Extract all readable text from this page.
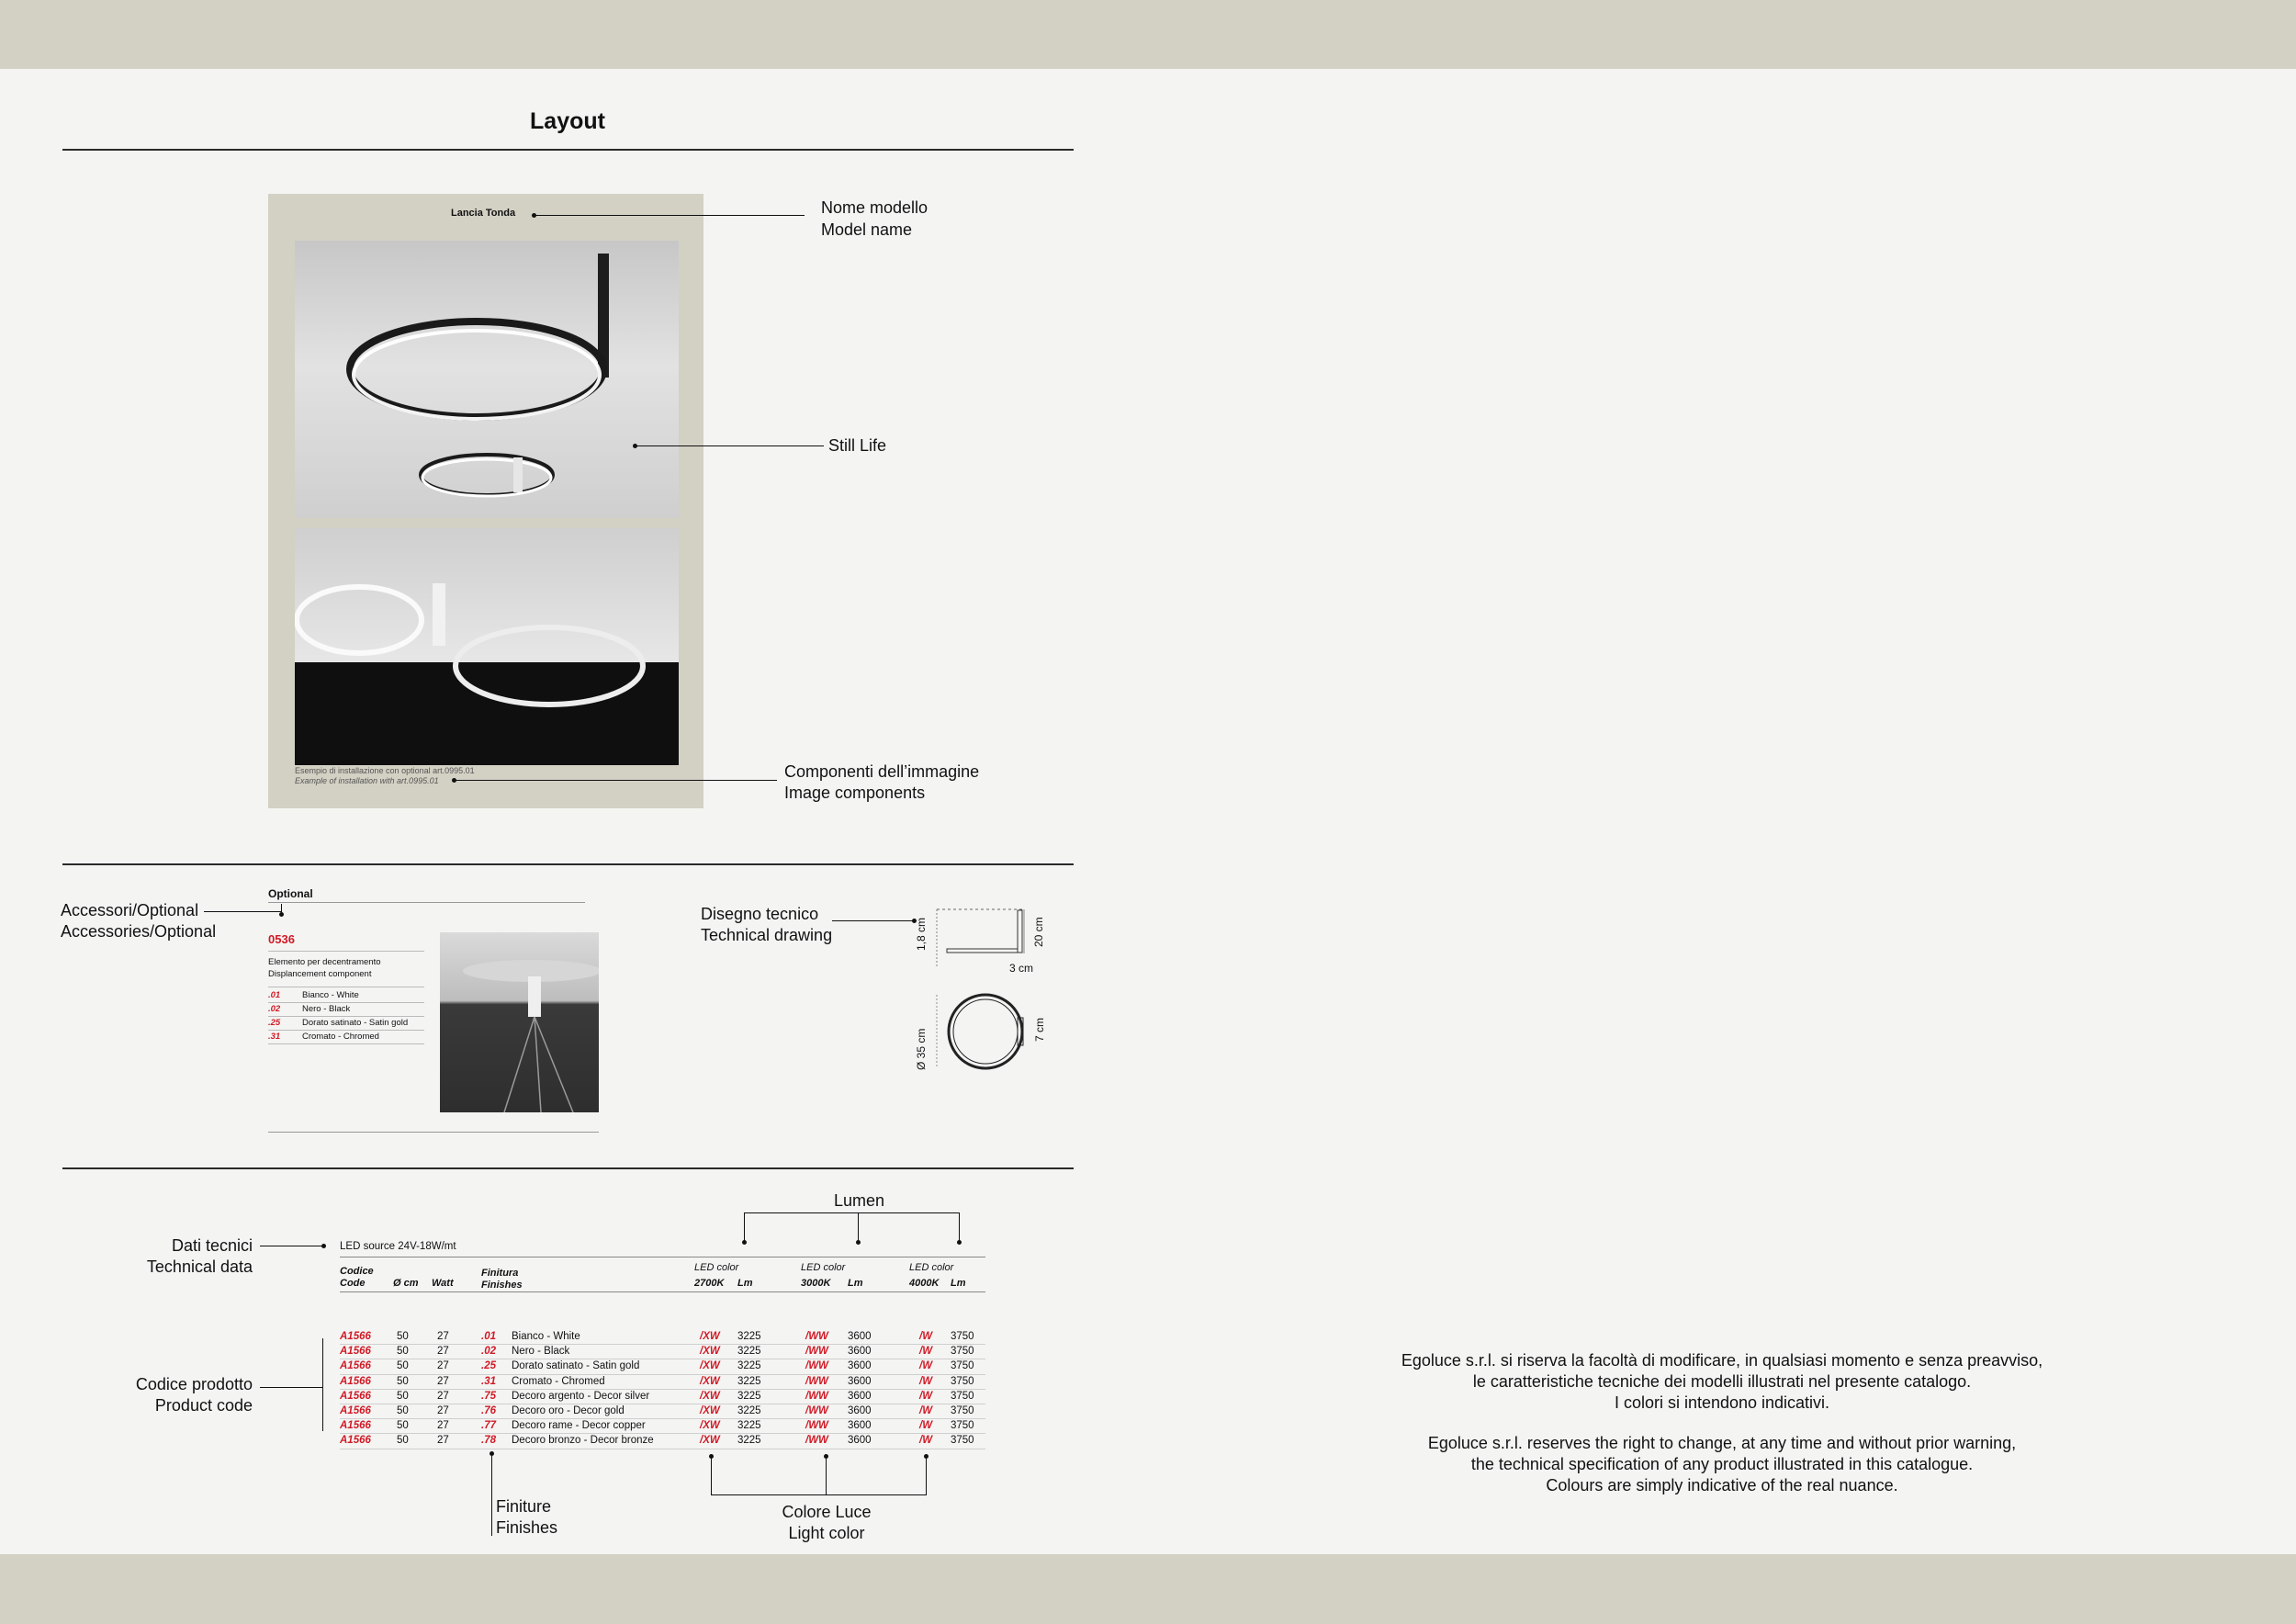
Layout
Lancia Tonda
Esempio di installazione con optional art.0995.01
Example of installation with art.0995.01
Nome modello
Model name
Still Life
Componenti dell’immagine
Image components
Accessori/Optional
Accessories/Optional
Optional
0536
Elemento per decentramento
Displancement component
.01	Bianco - White
.02	Nero - Black
.25	Dorato satinato - Satin gold
.31	Cromato - Chromed
Disegno tecnico
Technical drawing	1,8 cm	20 cm
3 cm
Ø 35 cm	7 cm
Lumen
Dati tecnici
Technical data
LED source 24V-18W/mt
Codice
Code	Ø cm Watt
Finitura
Finishes
LED color
2700K Lm
LED color
3000K Lm
LED color
4000K Lm
A1566 50	27	.01 Bianco - White	/XW 3225	/WW 3600	/W 3750
A1566 50	27	.02 Nero - Black	/XW 3225	/WW 3600	/W 3750
A1566 50	27	.25 Dorato satinato - Satin gold	/XW 3225	/WW 3600	/W 3750
A1566 50	27	.31 Cromato - Chromed	/XW 3225	/WW 3600	/W 3750
A1566 50	27	.75 Decoro argento - Decor silver	/XW 3225	/WW 3600	/W 3750
A1566 50	27	.76 Decoro oro - Decor gold	/XW 3225	/WW 3600	/W 3750
A1566 50	27	.77 Decoro rame - Decor copper	/XW 3225	/WW 3600	/W 3750
A1566 50	27	.78 Decoro bronzo - Decor bronze	/XW 3225	/WW 3600	/W 3750
Codice prodotto
Product code
Finiture
Finishes
Colore Luce
Light color
Egoluce s.r.l. si riserva la facoltà di modificare, in qualsiasi momento e senza preavviso,
le caratteristiche tecniche dei modelli illustrati nel presente catalogo.
I colori si intendono indicativi.
Egoluce s.r.l. reserves the right to change, at any time and without prior warning,
the technical specification of any product illustrated in this catalogue.
Colours are simply indicative of the real nuance.
